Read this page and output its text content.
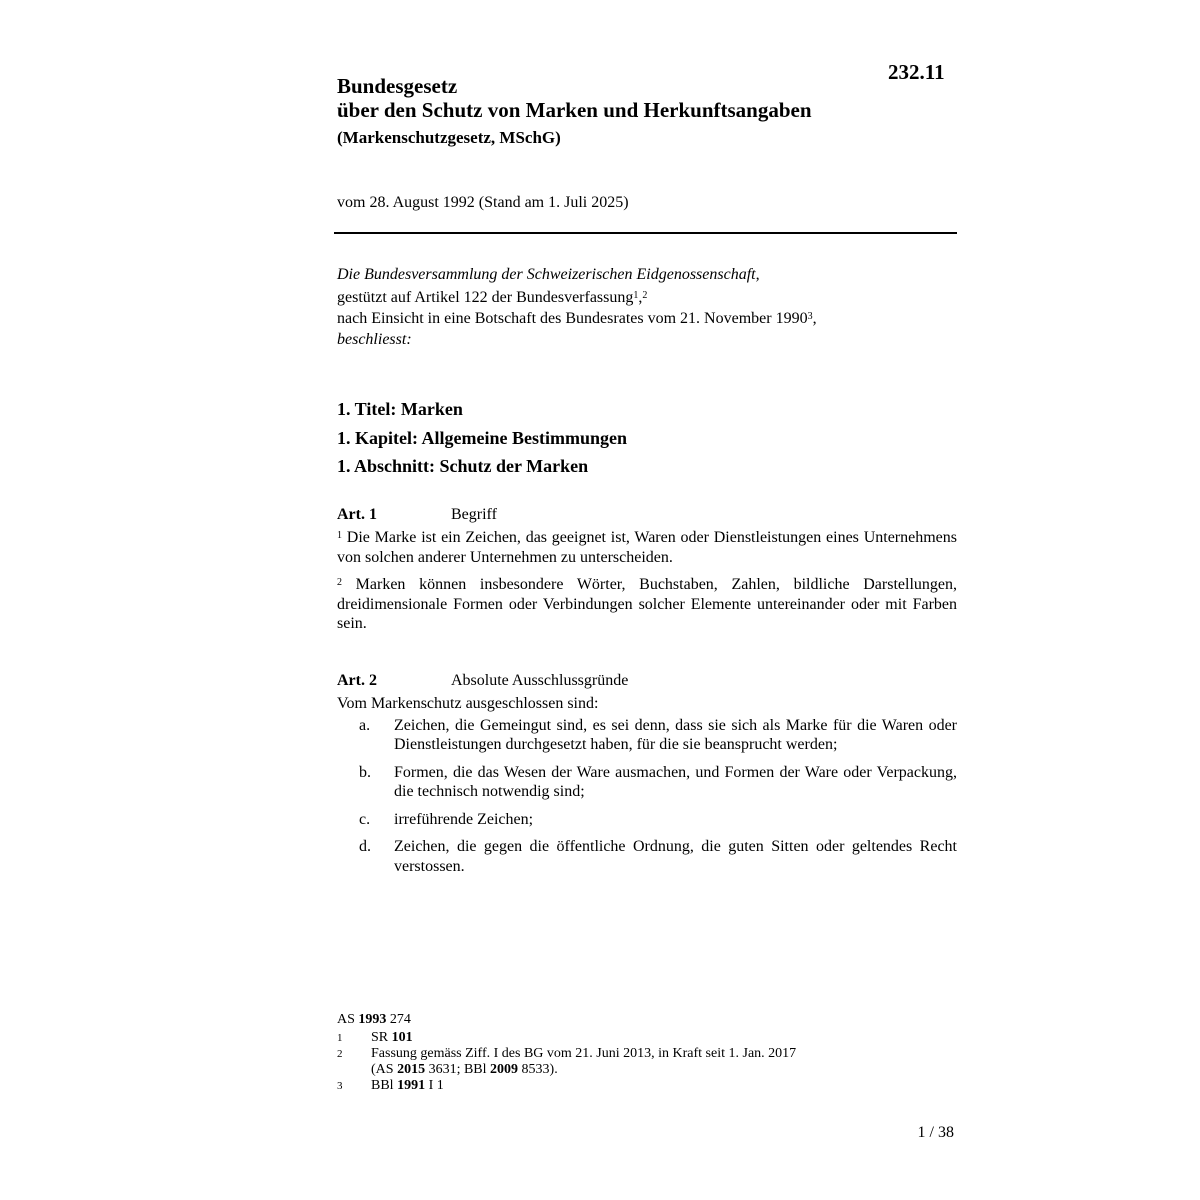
232.11
Bundesgesetz
über den Schutz von Marken und Herkunftsangaben
(Markenschutzgesetz, MSchG)
vom 28. August 1992 (Stand am 1. Juli 2025)
Die Bundesversammlung der Schweizerischen Eidgenossenschaft,
gestützt auf Artikel 122 der Bundesverfassung$^1$,$^2$
nach Einsicht in eine Botschaft des Bundesrates vom 21. November 1990$^3$,
beschliesst:
1. Titel: Marken
1. Kapitel: Allgemeine Bestimmungen
1. Abschnitt: Schutz der Marken
Art. 1	Begriff
$^1$ Die Marke ist ein Zeichen, das geeignet ist, Waren oder Dienstleistungen eines Unternehmens von solchen anderer Unternehmen zu unterscheiden.
$^2$ Marken können insbesondere Wörter, Buchstaben, Zahlen, bildliche Darstellungen, dreidimensionale Formen oder Verbindungen solcher Elemente untereinander oder mit Farben sein.
Art. 2	Absolute Ausschlussgründe
Vom Markenschutz ausgeschlossen sind:
a.	Zeichen, die Gemeingut sind, es sei denn, dass sie sich als Marke für die Waren oder Dienstleistungen durchgesetzt haben, für die sie beansprucht werden;
b.	Formen, die das Wesen der Ware ausmachen, und Formen der Ware oder Verpackung, die technisch notwendig sind;
c.	irreführende Zeichen;
d.	Zeichen, die gegen die öffentliche Ordnung, die guten Sitten oder geltendes Recht verstossen.
AS 1993 274
1	SR 101
2	Fassung gemäss Ziff. I des BG vom 21. Juni 2013, in Kraft seit 1. Jan. 2017
(AS 2015 3631; BBl 2009 8533).
3	BBl 1991 I 1
1 / 38
